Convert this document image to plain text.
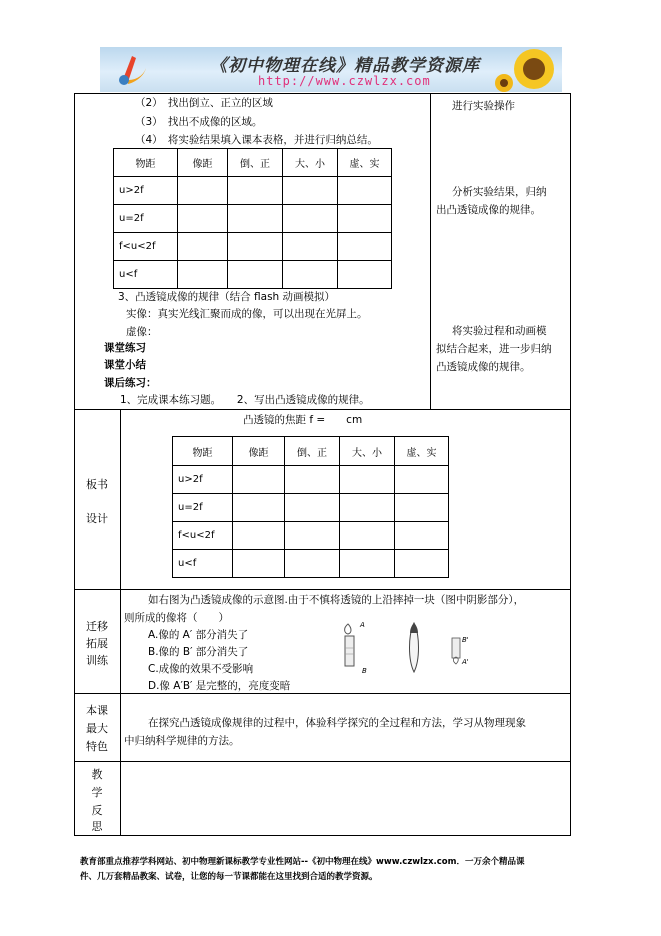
《初中物理在线》精品教学资源库
http://www.czwlzx.com
（2）　找出倒立、正立的区域
（3）　找出不成像的区域。
（4）　将实验结果填入课本表格，并进行归纳总结。
物距	像距	倒、正	大、小	虚、实
u>2f				
u=2f				
f<u<2f				
u<f				
3、凸透镜成像的规律（结合 flash 动画模拟）
实像：真实光线汇聚而成的像，可以出现在光屏上。
虚像：
课堂练习
课堂小结
课后练习：
1、完成课本练习题。　　2、写出凸透镜成像的规律。
进行实验操作
分析实验结果，归纳
出凸透镜成像的规律。
将实验过程和动画模
拟结合起来，进一步归纳
凸透镜成像的规律。
板书
设计
凸透镜的焦距 f =　　cm
物距	像距	倒、正	大、小	虚、实
u>2f				
u=2f				
f<u<2f				
u<f				
迁移
拓展
训练
如右图为凸透镜成像的示意图.由于不慎将透镜的上沿摔掉一块（图中阴影部分），
则所成的像将（　　）
A.像的 A′ 部分消失了
B.像的 B′ 部分消失了
C.成像的效果不受影响
D.像 A′B′ 是完整的，亮度变暗
A
B
B'
A'
本课
最大
特色
在探究凸透镜成像规律的过程中，体验科学探究的全过程和方法，学习从物理现象
中归纳科学规律的方法。
教
学
反
思
教育部重点推荐学科网站、初中物理新课标教学专业性网站--《初中物理在线》www.czwlzx.com．一万余个精品课
件、几万套精品教案、试卷，让您的每一节课都能在这里找到合适的教学资源。
